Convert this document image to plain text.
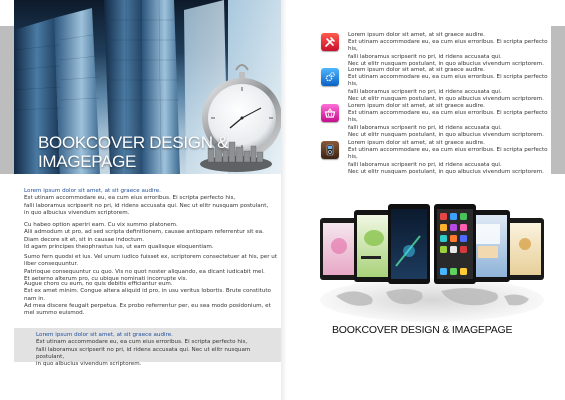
BOOKCOVER DESIGN & IMAGEPAGE
Lorem ipsum dolor sit amet, at sit graece audire.
Est utinam accommodare eu, ea cum eius erroribus. Ei scripta perfecto his,
falli laboramus scripserit no pri, id ridens accusata qui. Nec ut elitr nusquam postulant,
in quo albucius vivendum scriptorem.
Cu habeo option aperiri eam. Cu vix summo platonem.
Alii admodum ut pro, ad sed scripta definitionem, causae antiopam referrentur sit ea.
Diam decore sit et, sit in causae indoctum.
Id agam principes theophrastus ius, ut eam qualisque eloquentiam.
Sumo fern quodsi et ius. Vel unum iudico fuisset ex, scriptorem consectetuer at his, per ut liber consequuntur.
Patrioque consequuntur cu quo. Vis no quot noster aliquando, ea dicant iudicabit mel.
Et aeterno alterum pro, cu ubique nominati incorrupte vis.
Augue choro cu eum, no quis debitis efficiantur eum.
Est ex amet minim. Congue altera aliquid id pro, in usu veritus lobortis. Brute constituto nam in.
Ad mea discere feugait perpetua. Ex probo referrentur per, eu sea modo posidonium, et mel summo euismod.
Lorem ipsum dolor sit amet, at sit graece audire.
Est utinam accommodare eu, ea cum eius erroribus. Ei scripta perfecto his,
falli laboramus scripserit no pri, id ridens accusata qui. Nec ut elitr nusquam postulant,
in quo albucius vivendum scriptorem.
Lorem ipsum dolor sit amet, at sit graece audire.
Est utinam accommodare eu, ea cum eius erroribus. Ei scripta perfecto his,
falli laboramus scripserit no pri, id ridens accusata qui.
Nec ut elitr nusquam postulant, in quo albucius vivendum scriptorem.
Lorem ipsum dolor sit amet, at sit graece audire.
Est utinam accommodare eu, ea cum eius erroribus. Ei scripta perfecto his,
falli laboramus scripserit no pri, id ridens accusata qui.
Nec ut elitr nusquam postulant, in quo albucius vivendum scriptorem.
Lorem ipsum dolor sit amet, at sit graece audire.
Est utinam accommodare eu, ea cum eius erroribus. Ei scripta perfecto his,
falli laboramus scripserit no pri, id ridens accusata qui.
Nec ut elitr nusquam postulant, in quo albucius vivendum scriptorem.
Lorem ipsum dolor sit amet, at sit graece audire.
Est utinam accommodare eu, ea cum eius erroribus. Ei scripta perfecto his,
falli laboramus scripserit no pri, id ridens accusata qui.
Nec ut elitr nusquam postulant, in quo albucius vivendum scriptorem.
BOOKCOVER DESIGN & IMAGEPAGE
